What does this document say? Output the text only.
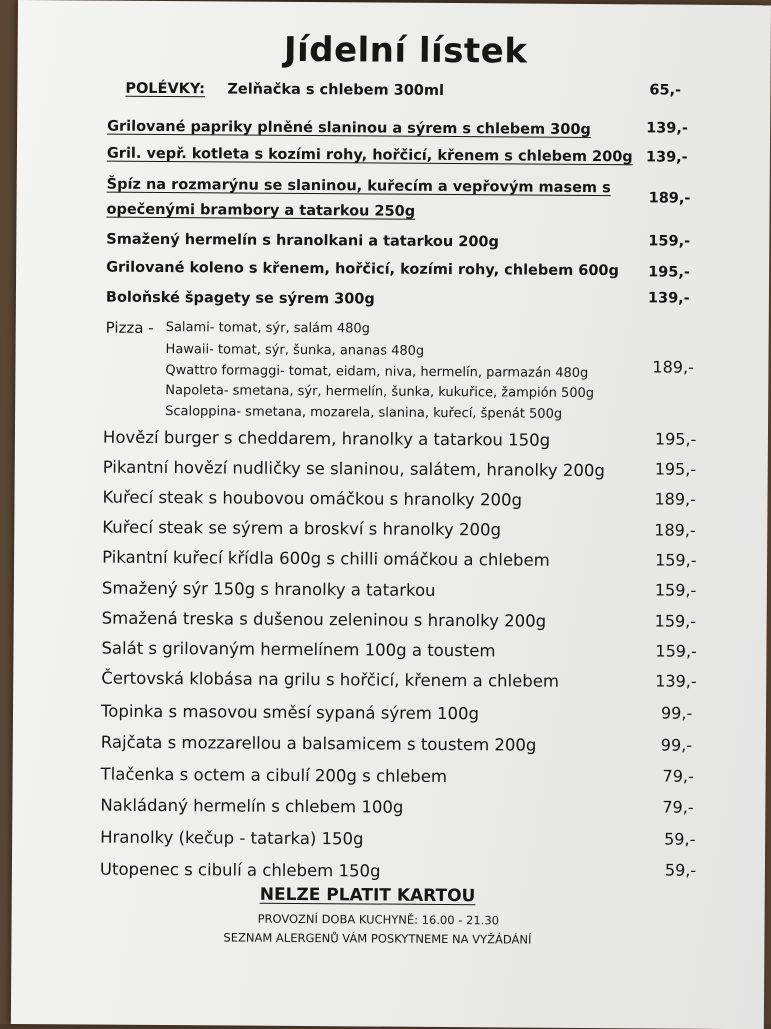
Jídelní lístek
POLÉVKY: Zelňačka s chlebem 300ml	65,-
Grilované papriky plněné slaninou a sýrem s chlebem 300g	139,-
Gril. vepř. kotleta s kozími rohy, hořčicí, křenem s chlebem 200g 139,-
Špíz na rozmarýnu se slaninou, kuřecím a vepřovým masem s
opečenými brambory a tatarkou 250g
189,-
Smažený hermelín s hranolkani a tatarkou 200g	159,-
Grilované koleno s křenem, hořčicí, kozími rohy, chlebem 600g 195,-
Boloňské špagety se sýrem 300g	139,-
Pizza - Salami- tomat, sýr, salám 480g
Hawaii- tomat, sýr, šunka, ananas 480g
Qwattro formaggi- tomat, eidam, niva, hermelín, parmazán 480g
Napoleta- smetana, sýr, hermelín, šunka, kukuřice, žampión 500g
Scaloppina- smetana, mozarela, slanina, kuřecí, špenát 500g
189,-
Hovězí burger s cheddarem, hranolky a tatarkou 150g	195,-
Pikantní hovězí nudličky se slaninou, salátem, hranolky 200g	195,-
Kuřecí steak s houbovou omáčkou s hranolky 200g	189,-
Kuřecí steak se sýrem a broskví s hranolky 200g	189,-
Pikantní kuřecí křídla 600g s chilli omáčkou a chlebem	159,-
Smažený sýr 150g s hranolky a tatarkou	159,-
Smažená treska s dušenou zeleninou s hranolky 200g	159,-
Salát s grilovaným hermelínem 100g a toustem	159,-
Čertovská klobása na grilu s hořčicí, křenem a chlebem	139,-
Topinka s masovou směsí sypaná sýrem 100g	99,-
Rajčata s mozzarellou a balsamicem s toustem 200g	99,-
Tlačenka s octem a cibulí 200g s chlebem	79,-
Nakládaný hermelín s chlebem 100g	79,-
Hranolky (kečup - tatarka) 150g	59,-
Utopenec s cibulí a chlebem 150g	59,-
NELZE PLATIT KARTOU
PROVOZNÍ DOBA KUCHYNĚ: 16.00 - 21.30
SEZNAM ALERGENŮ VÁM POSKYTNEME NA VYŽÁDÁNÍ
